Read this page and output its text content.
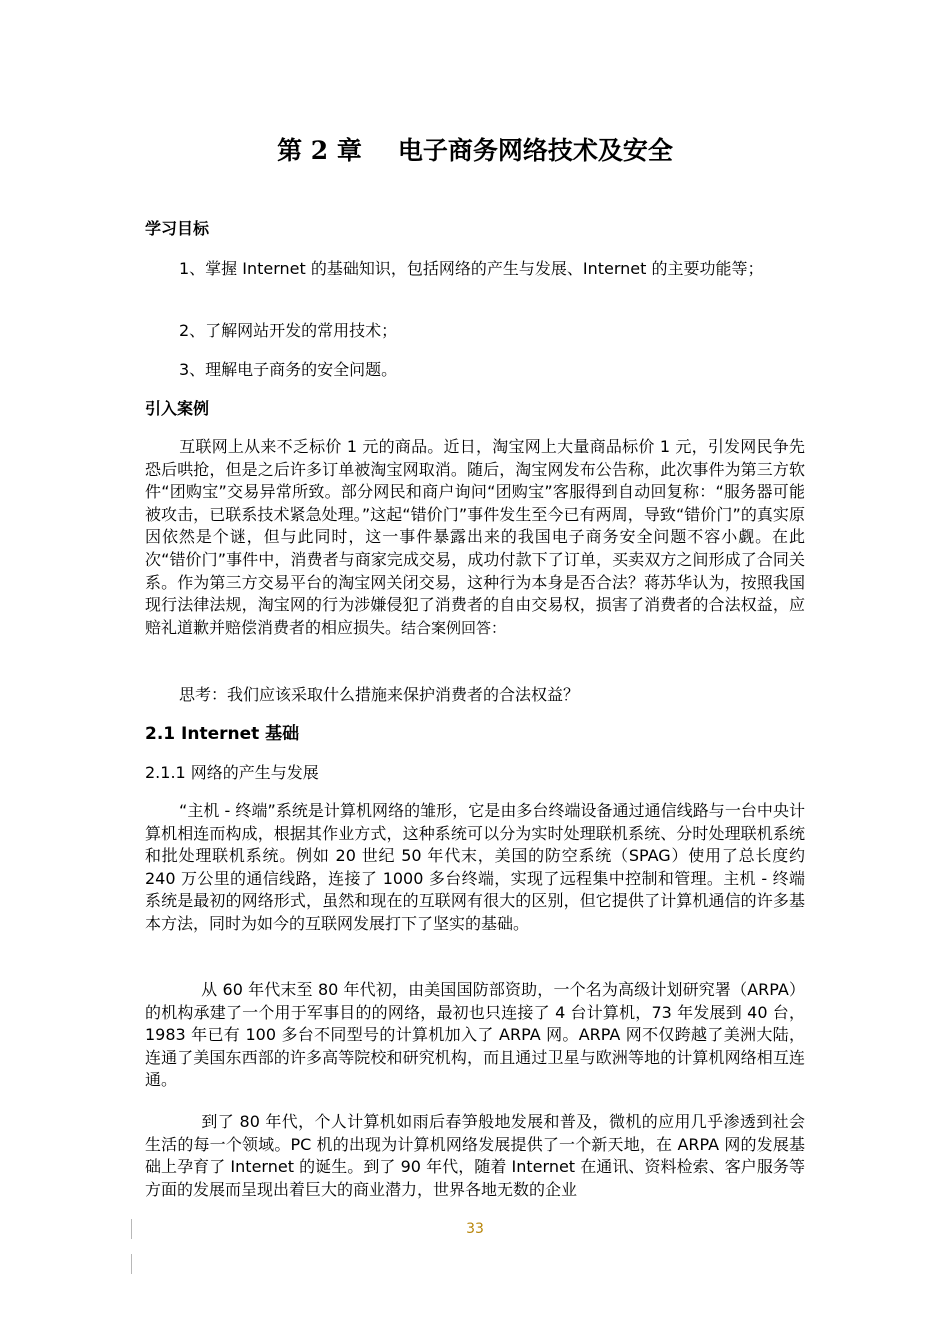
第 2 章 电子商务网络技术及安全
学习目标
1、掌握 Internet 的基础知识，包括网络的产生与发展、Internet 的主要功能等；
2、了解网站开发的常用技术；
3、理解电子商务的安全问题。
引入案例
互联网上从来不乏标价 1 元的商品。近日，淘宝网上大量商品标价 1 元，引发网民争先恐后哄抢，但是之后许多订单被淘宝网取消。随后，淘宝网发布公告称，此次事件为第三方软件“团购宝”交易异常所致。部分网民和商户询问“团购宝”客服得到自动回复称：“服务器可能被攻击，已联系技术紧急处理。”这起“错价门”事件发生至今已有两周，导致“错价门”的真实原因依然是个谜，但与此同时，这一事件暴露出来的我国电子商务安全问题不容小觑。在此次“错价门”事件中，消费者与商家完成交易，成功付款下了订单，买卖双方之间形成了合同关系。作为第三方交易平台的淘宝网关闭交易，这种行为本身是否合法？蒋苏华认为，按照我国现行法律法规，淘宝网的行为涉嫌侵犯了消费者的自由交易权，损害了消费者的合法权益，应赔礼道歉并赔偿消费者的相应损失。结合案例回答：
思考：我们应该采取什么措施来保护消费者的合法权益？
2.1 Internet 基础
2.1.1 网络的产生与发展
“主机 - 终端”系统是计算机网络的雏形，它是由多台终端设备通过通信线路与一台中央计算机相连而构成，根据其作业方式，这种系统可以分为实时处理联机系统、分时处理联机系统和批处理联机系统。例如 20 世纪 50 年代末，美国的防空系统（SPAG）使用了总长度约 240 万公里的通信线路，连接了 1000 多台终端，实现了远程集中控制和管理。主机 - 终端系统是最初的网络形式，虽然和现在的互联网有很大的区别，但它提供了计算机通信的许多基本方法，同时为如今的互联网发展打下了坚实的基础。
从 60 年代末至 80 年代初，由美国国防部资助，一个名为高级计划研究署（ARPA）的机构承建了一个用于军事目的的网络，最初也只连接了 4 台计算机，73 年发展到 40 台，1983 年已有 100 多台不同型号的计算机加入了 ARPA 网。ARPA 网不仅跨越了美洲大陆，连通了美国东西部的许多高等院校和研究机构，而且通过卫星与欧洲等地的计算机网络相互连通。
到了 80 年代，个人计算机如雨后春笋般地发展和普及，微机的应用几乎渗透到社会生活的每一个领域。PC 机的出现为计算机网络发展提供了一个新天地，在 ARPA 网的发展基础上孕育了 Internet 的诞生。到了 90 年代，随着 Internet 在通讯、资料检索、客户服务等方面的发展而呈现出着巨大的商业潜力，世界各地无数的企业
33
